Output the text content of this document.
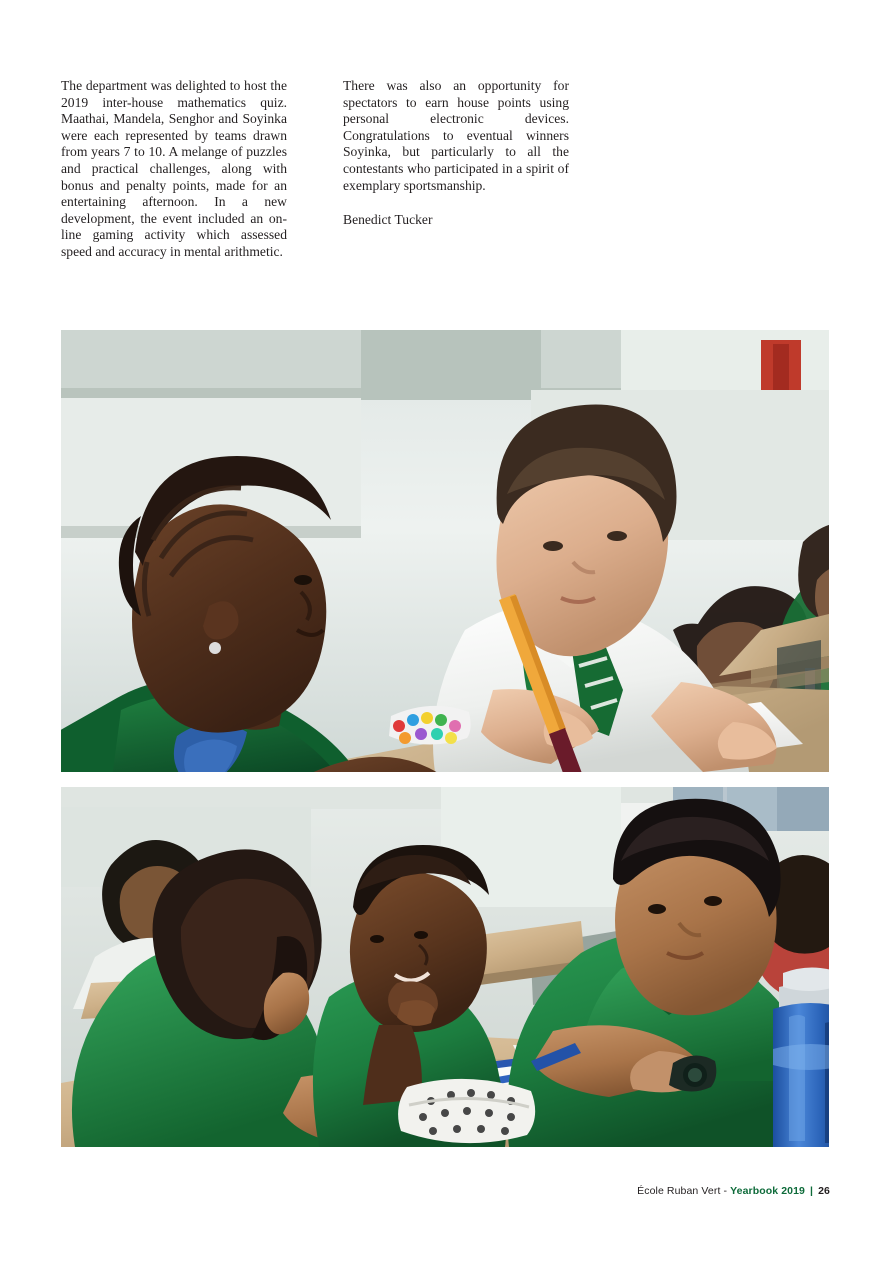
The department was delighted to host the 2019 inter-house mathematics quiz. Maathai, Mandela, Senghor and Soyinka were each represented by teams drawn from years 7 to 10. A melange of puzzles and practical challenges, along with bonus and penalty points, made for an entertaining afternoon. In a new development, the event included an on-line gaming activity which assessed speed and accuracy in mental arithmetic.

There was also an opportunity for spectators to earn house points using personal electronic devices. Congratulations to eventual winners Soyinka, but particularly to all the contestants who participated in a spirit of exemplary sportsmanship.

Benedict Tucker

École Ruban Vert - Yearbook 2019 | 26
